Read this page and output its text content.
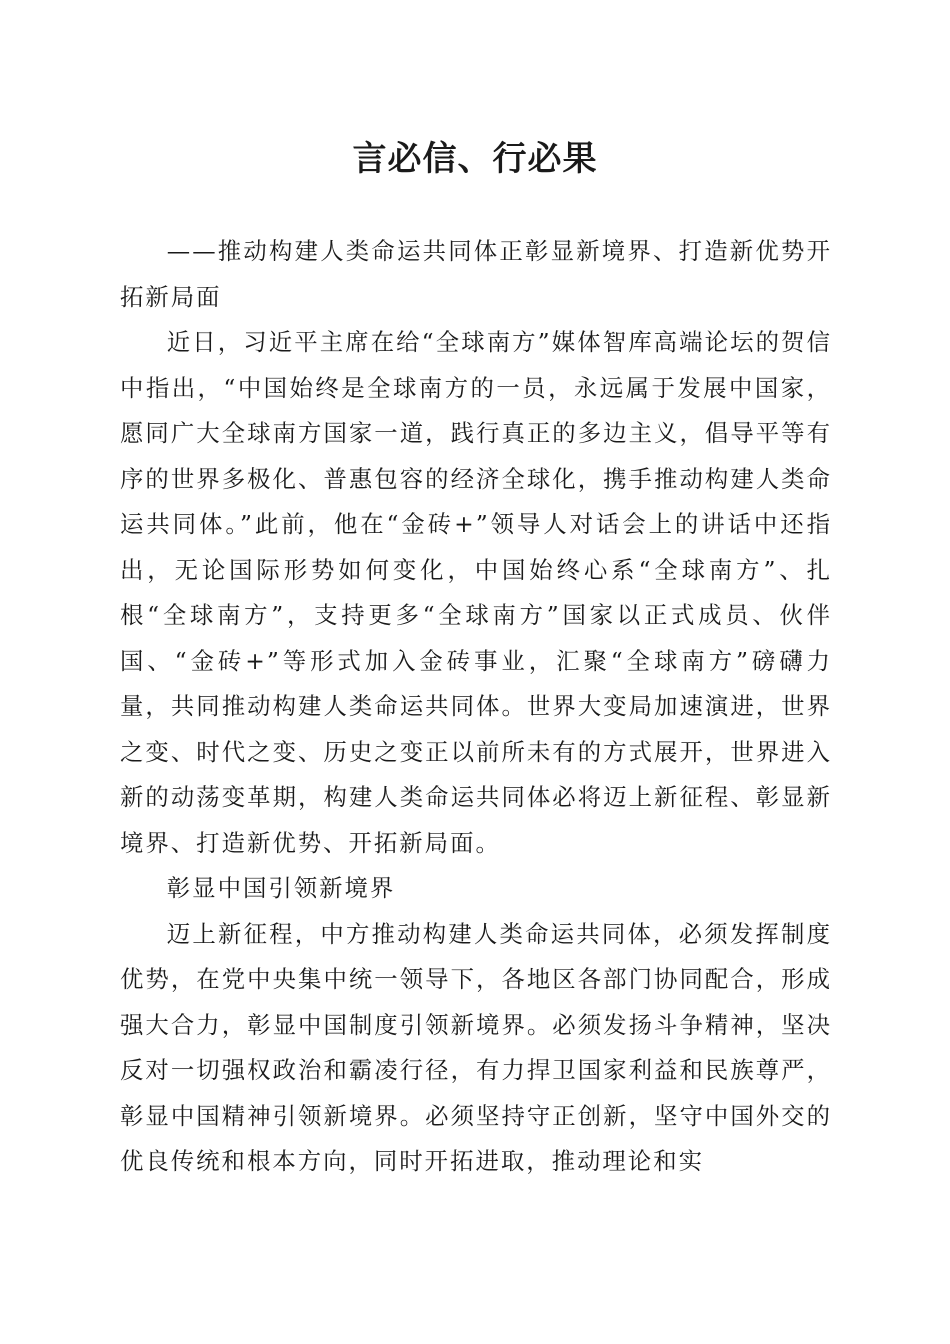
言必信、行必果

——推动构建人类命运共同体正彰显新境界、打造新优势开拓新局面

近日，习近平主席在给“全球南方”媒体智库高端论坛的贺信中指出，“中国始终是全球南方的一员，永远属于发展中国家，愿同广大全球南方国家一道，践行真正的多边主义，倡导平等有序的世界多极化、普惠包容的经济全球化，携手推动构建人类命运共同体。”此前，他在“金砖+”领导人对话会上的讲话中还指出，无论国际形势如何变化，中国始终心系“全球南方”、扎根“全球南方”，支持更多“全球南方”国家以正式成员、伙伴国、“金砖+”等形式加入金砖事业，汇聚“全球南方”磅礴力量，共同推动构建人类命运共同体。世界大变局加速演进，世界之变、时代之变、历史之变正以前所未有的方式展开，世界进入新的动荡变革期，构建人类命运共同体必将迈上新征程、彰显新境界、打造新优势、开拓新局面。

彰显中国引领新境界

迈上新征程，中方推动构建人类命运共同体，必须发挥制度优势，在党中央集中统一领导下，各地区各部门协同配合，形成强大合力，彰显中国制度引领新境界。必须发扬斗争精神，坚决反对一切强权政治和霸凌行径，有力捍卫国家利益和民族尊严，彰显中国精神引领新境界。必须坚持守正创新，坚守中国外交的优良传统和根本方向，同时开拓进取，推动理论和实
